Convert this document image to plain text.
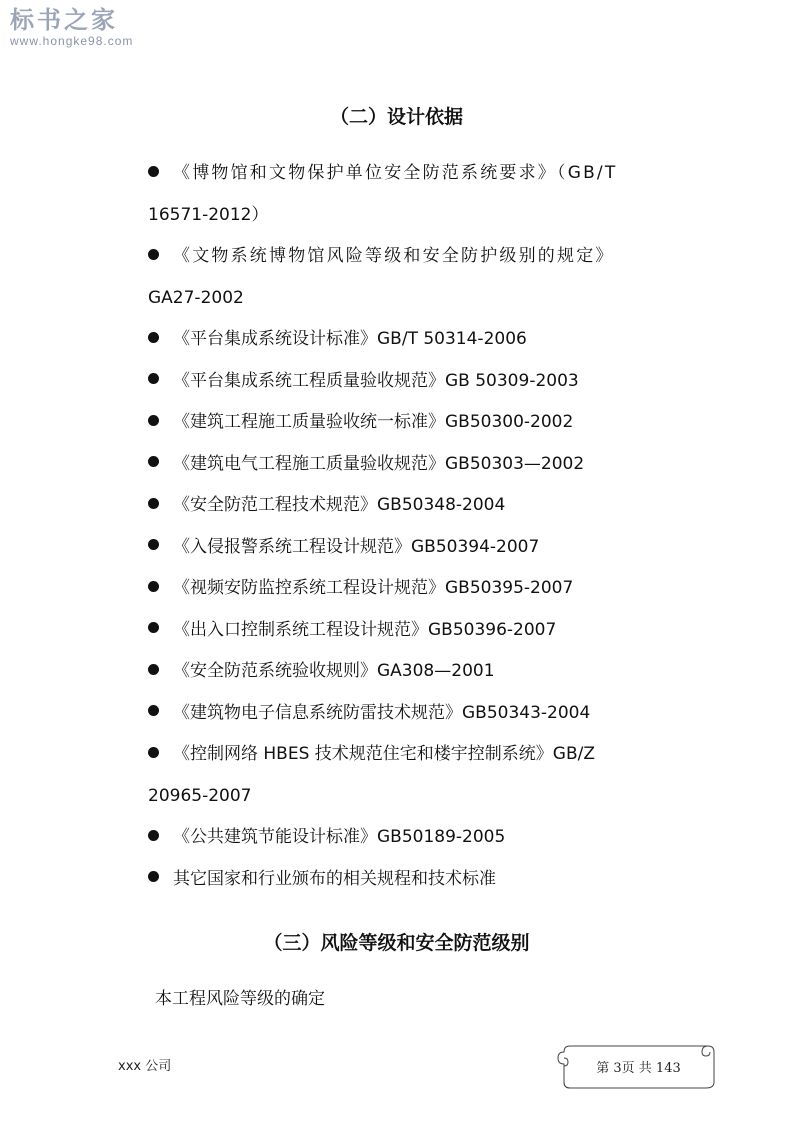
标书之家
www.hongke98.com
（二）设计依据
《博物馆和文物保护单位安全防范系统要求》（GB/T
16571-2012）
《文物系统博物馆风险等级和安全防护级别的规定》
GA27-2002
《平台集成系统设计标准》GB/T 50314-2006
《平台集成系统工程质量验收规范》GB 50309-2003
《建筑工程施工质量验收统一标准》GB50300-2002
《建筑电气工程施工质量验收规范》GB50303—2002
《安全防范工程技术规范》GB50348-2004
《入侵报警系统工程设计规范》GB50394-2007
《视频安防监控系统工程设计规范》GB50395-2007
《出入口控制系统工程设计规范》GB50396-2007
《安全防范系统验收规则》GA308—2001
《建筑物电子信息系统防雷技术规范》GB50343-2004
《控制网络 HBES 技术规范住宅和楼宇控制系统》GB/Z
20965-2007
《公共建筑节能设计标准》GB50189-2005
其它国家和行业颁布的相关规程和技术标准
（三）风险等级和安全防范级别

本工程风险等级的确定

xxx 公司	第 3页 共 143
